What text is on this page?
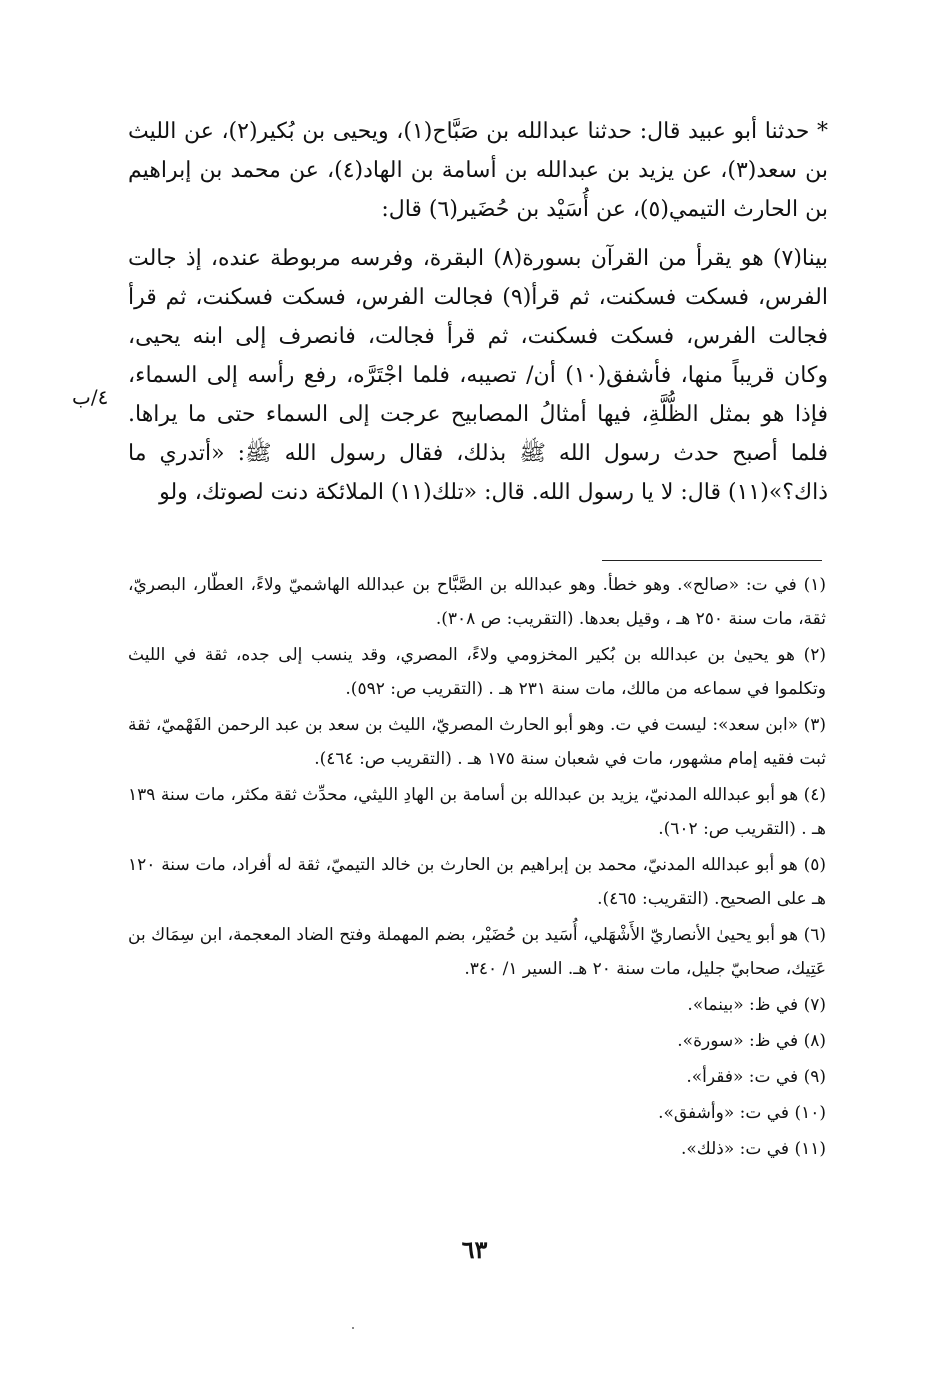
* حدثنا أبو عبيد قال: حدثنا عبدالله بن صَبَّاح(١)، ويحيى بن بُكير(٢)، عن الليث بن سعد(٣)، عن يزيد بن عبدالله بن أسامة بن الهاد(٤)، عن محمد بن إبراهيم بن الحارث التيمي(٥)، عن أُسَيْد بن حُضَير(٦) قال:

بينا(٧) هو يقرأ من القرآن بسورة(٨) البقرة، وفرسه مربوطة عنده، إذ جالت الفرس، فسكت فسكنت، ثم قرأ(٩) فجالت الفرس، فسكت فسكنت، ثم قرأ فجالت الفرس، فسكت فسكنت، ثم قرأ فجالت، فانصرف إلى ابنه يحيى، وكان قريباً منها، فأشفق(١٠) أن/ تصيبه، فلما اجْتَرَّه، رفع رأسه إلى السماء، فإذا هو بمثل الظُّلَّةِ، فيها أمثالُ المصابيح عرجت إلى السماء حتى ما يراها. فلما أصبح حدث رسول الله ﷺ بذلك، فقال رسول الله ﷺ: «أتدري ما ذاك؟»(١١) قال: لا يا رسول الله. قال: «تلك(١١) الملائكة دنت لصوتك، ولو

٤/ب

(١) في ت: «صالح». وهو خطأ. وهو عبدالله بن الصَّبَّاح بن عبدالله الهاشميّ ولاءً، العطّار، البصريّ، ثقة، مات سنة ٢٥٠ هـ ، وقيل بعدها. (التقريب: ص ٣٠٨).

(٢) هو يحيىٰ بن عبدالله بن بُكير المخزومي ولاءً، المصري، وقد ينسب إلى جده، ثقة في الليث وتكلموا في سماعه من مالك، مات سنة ٢٣١ هـ . (التقريب ص: ٥٩٢).

(٣) «ابن سعد»: ليست في ت. وهو أبو الحارث المصريّ، الليث بن سعد بن عبد الرحمن الفَهْميّ، ثقة ثبت فقيه إمام مشهور، مات في شعبان سنة ١٧٥ هـ . (التقريب ص: ٤٦٤).

(٤) هو أبو عبدالله المدنيّ، يزيد بن عبدالله بن أسامة بن الهادِ الليثي، محدِّث ثقة مكثر، مات سنة ١٣٩ هـ . (التقريب ص: ٦٠٢).

(٥) هو أبو عبدالله المدنيّ، محمد بن إبراهيم بن الحارث بن خالد التيميّ، ثقة له أفراد، مات سنة ١٢٠ هـ على الصحيح. (التقريب: ٤٦٥).

(٦) هو أبو يحيىٰ الأنصاريّ الأَشْهَلي، أُسَيد بن حُضَيْر، بضم المهملة وفتح الضاد المعجمة، ابن سِمَاك بن عَتِيك، صحابيّ جليل، مات سنة ٢٠ هـ. السير ١/ ٣٤٠.

(٧) في ظ: «بينما».

(٨) في ظ: «سورة».

(٩) في ت: «فقرأ».

(١٠) في ت: «وأشفق».

(١١) في ت: «ذلك».

٦٣
